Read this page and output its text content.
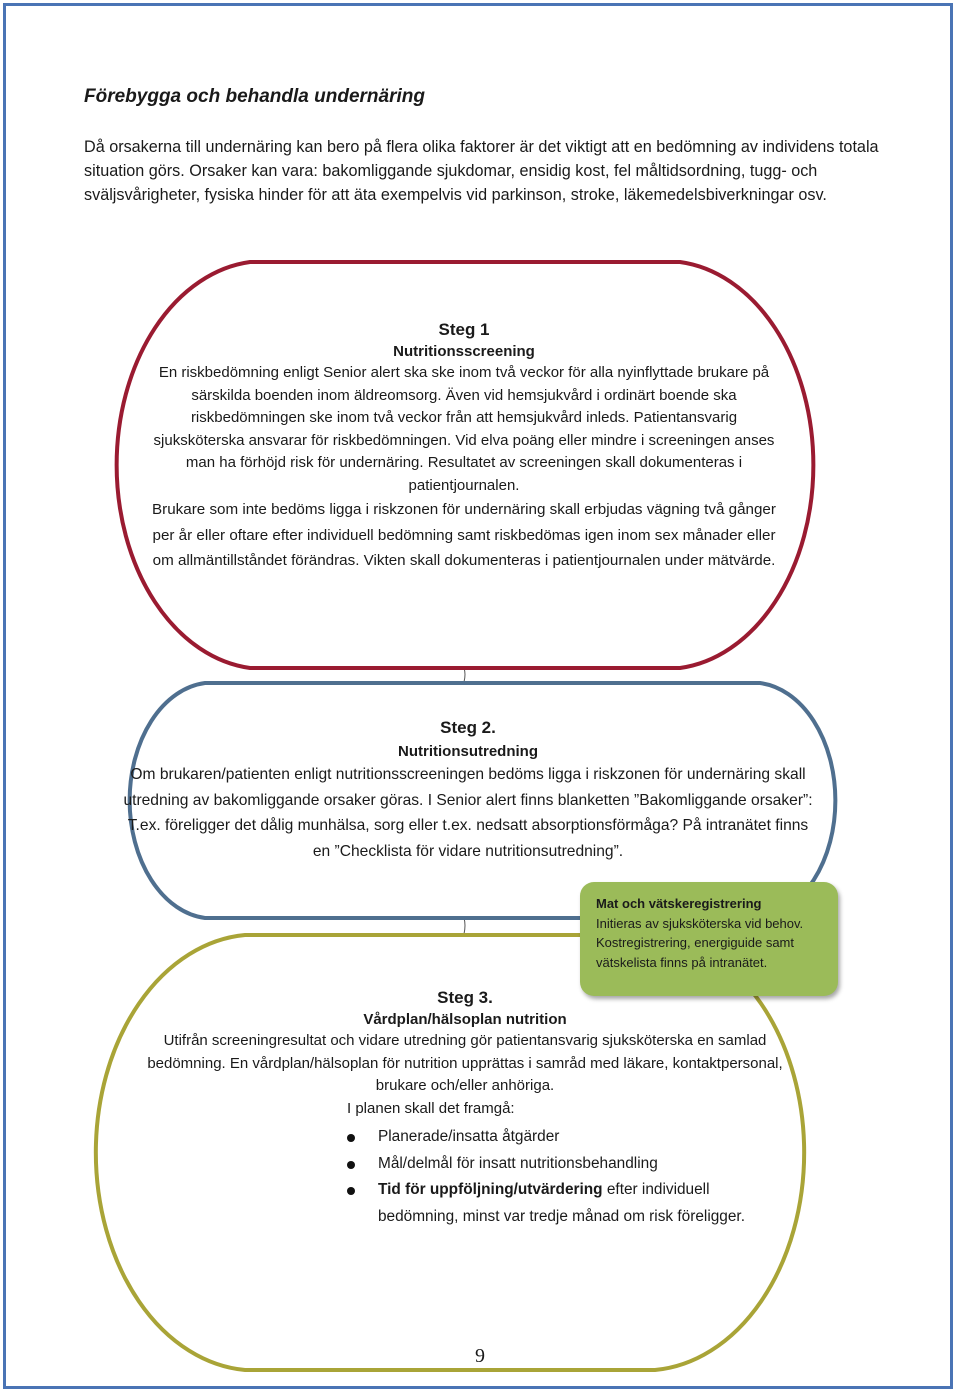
Förebygga och behandla undernäring

Då orsakerna till undernäring kan bero på flera olika faktorer är det viktigt att en bedömning av individens totala situation görs. Orsaker kan vara: bakomliggande sjukdomar, ensidig kost, fel måltidsordning, tugg- och sväljsvårigheter, fysiska hinder för att äta exempelvis vid parkinson, stroke, läkemedelsbiverkningar osv.

Steg 1
Nutritionsscreening
En riskbedömning enligt Senior alert ska ske inom två veckor för alla nyinflyttade brukare på särskilda boenden inom äldreomsorg. Även vid hemsjukvård i ordinärt boende ska riskbedömningen ske inom två veckor från att hemsjukvård inleds. Patientansvarig sjuksköterska ansvarar för riskbedömningen. Vid elva poäng eller mindre i screeningen anses man ha förhöjd risk för undernäring. Resultatet av screeningen skall dokumenteras i patientjournalen.
Brukare som inte bedöms ligga i riskzonen för undernäring skall erbjudas vägning två gånger per år eller oftare efter individuell bedömning samt riskbedömas igen inom sex månader eller om allmäntillståndet förändras. Vikten skall dokumenteras i patientjournalen under mätvärde.
Steg 2.
Nutritionsutredning
Om brukaren/patienten enligt nutritionsscreeningen bedöms ligga i riskzonen för undernäring skall utredning av bakomliggande orsaker göras. I Senior alert finns blanketten ”Bakomliggande orsaker”: T.ex. föreligger det dålig munhälsa, sorg eller t.ex. nedsatt absorptionsförmåga? På intranätet finns en ”Checklista för vidare nutritionsutredning”.
Mat och vätskeregistrering
Initieras av sjuksköterska vid behov. Kostregistrering, energiguide samt vätskelista finns på intranätet.
Steg 3.
Vårdplan/hälsoplan nutrition
Utifrån screeningresultat och vidare utredning gör patientansvarig sjuksköterska en samlad bedömning. En vårdplan/hälsoplan för nutrition upprättas i samråd med läkare, kontaktpersonal, brukare och/eller anhöriga.
I planen skall det framgå:
Planerade/insatta åtgärder
Mål/delmål för insatt nutritionsbehandling
Tid för uppföljning/utvärdering efter individuell bedömning, minst var tredje månad om risk föreligger.
9
